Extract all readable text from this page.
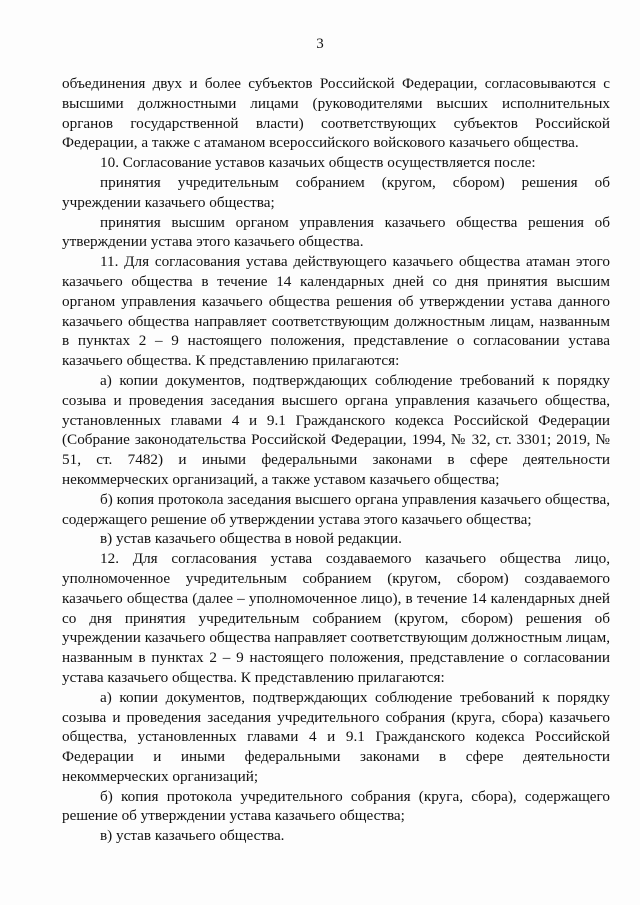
3

объединения двух и более субъектов Российской Федерации, согласовываются с высшими должностными лицами (руководителями высших исполнительных органов государственной власти) соответствующих субъектов Российской Федерации, а также с атаманом всероссийского войскового казачьего общества.

10. Согласование уставов казачьих обществ осуществляется после:

принятия учредительным собранием (кругом, сбором) решения об учреждении казачьего общества;

принятия высшим органом управления казачьего общества решения об утверждении устава этого казачьего общества.

11. Для согласования устава действующего казачьего общества атаман этого казачьего общества в течение 14 календарных дней со дня принятия высшим органом управления казачьего общества решения об утверждении устава данного казачьего общества направляет соответствующим должностным лицам, названным в пунктах 2 – 9 настоящего положения, представление о согласовании устава казачьего общества. К представлению прилагаются:

а) копии документов, подтверждающих соблюдение требований к порядку созыва и проведения заседания высшего органа управления казачьего общества, установленных главами 4 и 9.1 Гражданского кодекса Российской Федерации (Собрание законодательства Российской Федерации, 1994, № 32, ст. 3301; 2019, № 51, ст. 7482) и иными федеральными законами в сфере деятельности некоммерческих организаций, а также уставом казачьего общества;

б) копия протокола заседания высшего органа управления казачьего общества, содержащего решение об утверждении устава этого казачьего общества;

в) устав казачьего общества в новой редакции.

12. Для согласования устава создаваемого казачьего общества лицо, уполномоченное учредительным собранием (кругом, сбором) создаваемого казачьего общества (далее – уполномоченное лицо), в течение 14 календарных дней со дня принятия учредительным собранием (кругом, сбором) решения об учреждении казачьего общества направляет соответствующим должностным лицам, названным в пунктах 2 – 9 настоящего положения, представление о согласовании устава казачьего общества. К представлению прилагаются:

а) копии документов, подтверждающих соблюдение требований к порядку созыва и проведения заседания учредительного собрания (круга, сбора) казачьего общества, установленных главами 4 и 9.1 Гражданского кодекса Российской Федерации и иными федеральными законами в сфере деятельности некоммерческих организаций;

б) копия протокола учредительного собрания (круга, сбора), содержащего решение об утверждении устава казачьего общества;

в) устав казачьего общества.
